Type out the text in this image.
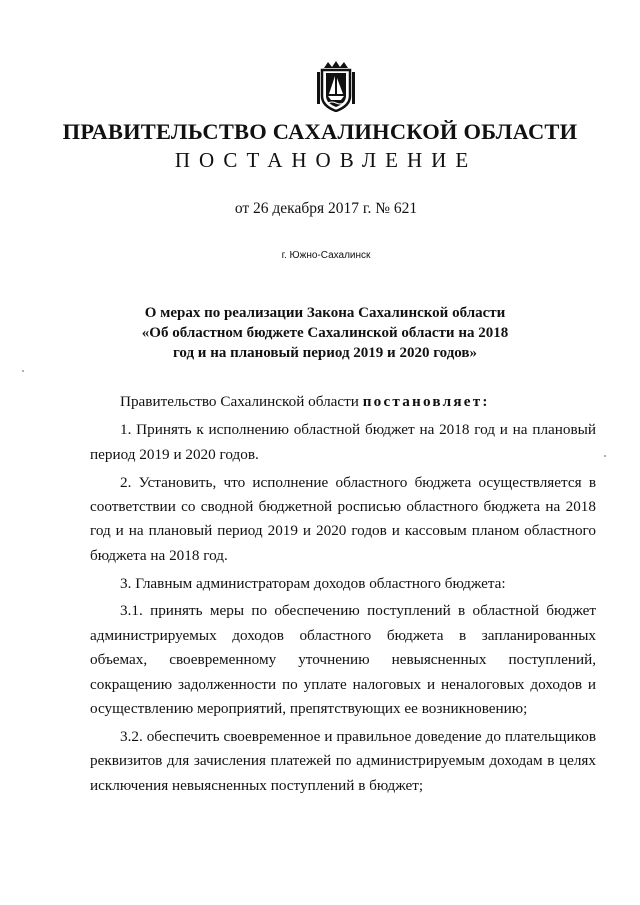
ПРАВИТЕЛЬСТВО САХАЛИНСКОЙ ОБЛАСТИ
ПОСТАНОВЛЕНИЕ
от 26 декабря 2017 г. № 621
г. Южно-Сахалинск
О мерах по реализации Закона Сахалинской области
«Об областном бюджете Сахалинской области на 2018
год и на плановый период 2019 и 2020 годов»
Правительство Сахалинской области постановляет:
1. Принять к исполнению областной бюджет на 2018 год и на плановый
период 2019 и 2020 годов.
2. Установить, что исполнение областного бюджета осуществляется в
соответствии со сводной бюджетной росписью областного бюджета на 2018
год и на плановый период 2019 и 2020 годов и кассовым планом областного
бюджета на 2018 год.
3. Главным администраторам доходов областного бюджета:
3.1. принять меры по обеспечению поступлений в областной бюджет
администрируемых доходов областного бюджета в запланированных
объемах, своевременному уточнению невыясненных поступлений,
сокращению задолженности по уплате налоговых и неналоговых доходов и
осуществлению мероприятий, препятствующих ее возникновению;
3.2. обеспечить своевременное и правильное доведение до плательщиков
реквизитов для зачисления платежей по администрируемым доходам в целях
исключения невыясненных поступлений в бюджет;
